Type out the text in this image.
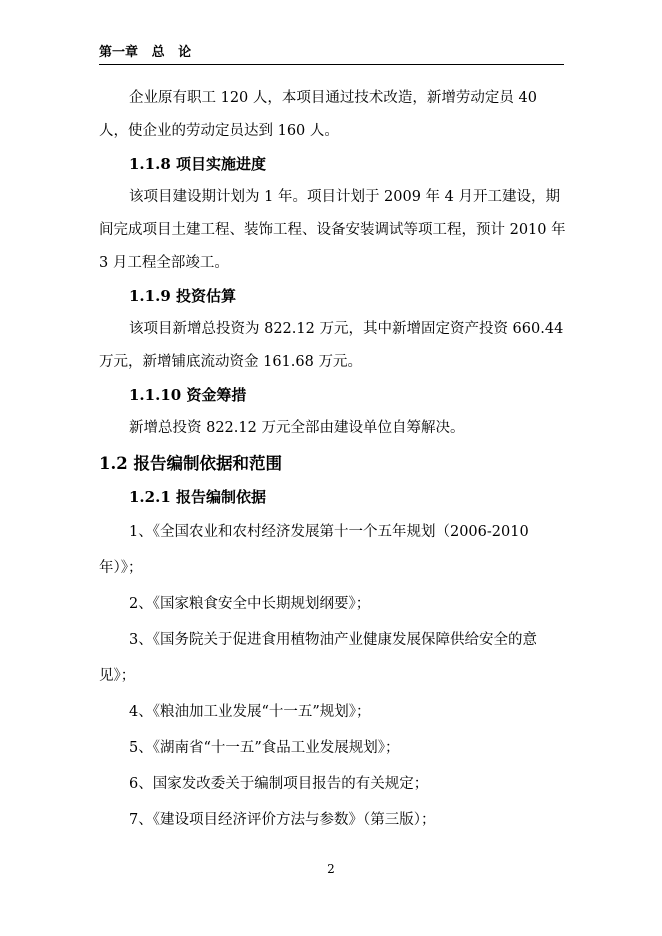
第一章   总   论

企业原有职工 120 人，本项目通过技术改造，新增劳动定员 40 人，使企业的劳动定员达到 160 人。

1.1.8 项目实施进度

该项目建设期计划为 1 年。项目计划于 2009 年 4 月开工建设，期间完成项目土建工程、装饰工程、设备安装调试等项工程，预计 2010 年 3 月工程全部竣工。

1.1.9 投资估算

该项目新增总投资为 822.12 万元，其中新增固定资产投资 660.44 万元，新增铺底流动资金 161.68 万元。

1.1.10 资金筹措

新增总投资 822.12 万元全部由建设单位自筹解决。

1.2 报告编制依据和范围

1.2.1 报告编制依据

1、《全国农业和农村经济发展第十一个五年规划（2006-2010 年）》；

2、《国家粮食安全中长期规划纲要》；

3、《国务院关于促进食用植物油产业健康发展保障供给安全的意见》；

4、《粮油加工业发展“十一五”规划》；

5、《湖南省“十一五”食品工业发展规划》；

6、国家发改委关于编制项目报告的有关规定；

7、《建设项目经济评价方法与参数》（第三版）；

2
